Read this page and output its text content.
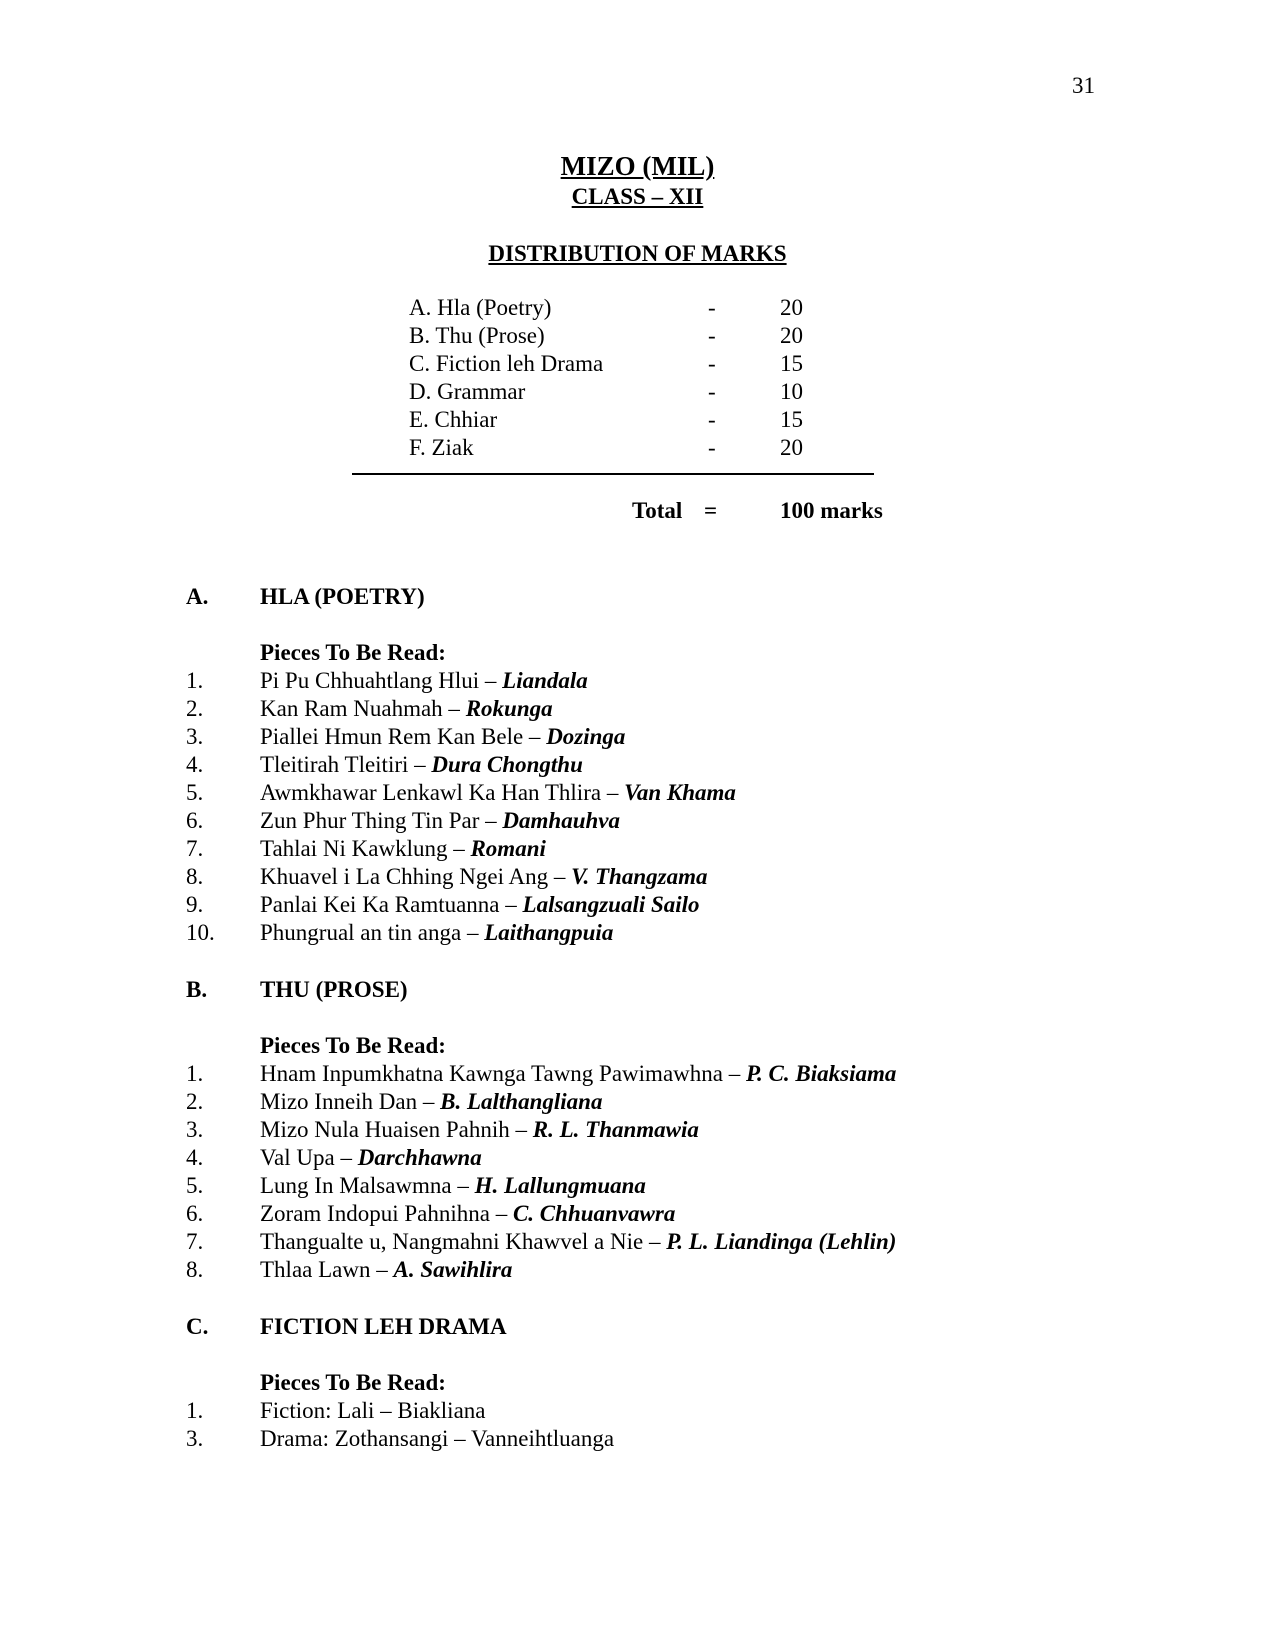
31
MIZO (MIL)
CLASS – XII
DISTRIBUTION OF MARKS
A. Hla (Poetry)	-	20
B. Thu (Prose)	-	20
C. Fiction leh Drama	-	15
D. Grammar	-	10
E. Chhiar	-	15
F. Ziak	-	20
Total =	100 marks
A. HLA (POETRY)
Pieces To Be Read:
1. Pi Pu Chhuahtlang Hlui – Liandala
2. Kan Ram Nuahmah – Rokunga
3. Piallei Hmun Rem Kan Bele – Dozinga
4. Tleitirah Tleitiri – Dura Chongthu
5. Awmkhawar Lenkawl Ka Han Thlira – Van Khama
6. Zun Phur Thing Tin Par – Damhauhva
7. Tahlai Ni Kawklung – Romani
8. Khuavel i La Chhing Ngei Ang – V. Thangzama
9. Panlai Kei Ka Ramtuanna – Lalsangzuali Sailo
10. Phungrual an tin anga – Laithangpuia
B. THU (PROSE)
Pieces To Be Read:
1. Hnam Inpumkhatna Kawnga Tawng Pawimawhna – P. C. Biaksiama
2. Mizo Inneih Dan – B. Lalthangliana
3. Mizo Nula Huaisen Pahnih – R. L. Thanmawia
4. Val Upa – Darchhawna
5. Lung In Malsawmna – H. Lallungmuana
6. Zoram Indopui Pahnihna – C. Chhuanvawra
7. Thangualte u, Nangmahni Khawvel a Nie – P. L. Liandinga (Lehlin)
8. Thlaa Lawn – A. Sawihlira
C. FICTION LEH DRAMA
Pieces To Be Read:
1. Fiction: Lali – Biakliana
3. Drama: Zothansangi – Vanneihtluanga
